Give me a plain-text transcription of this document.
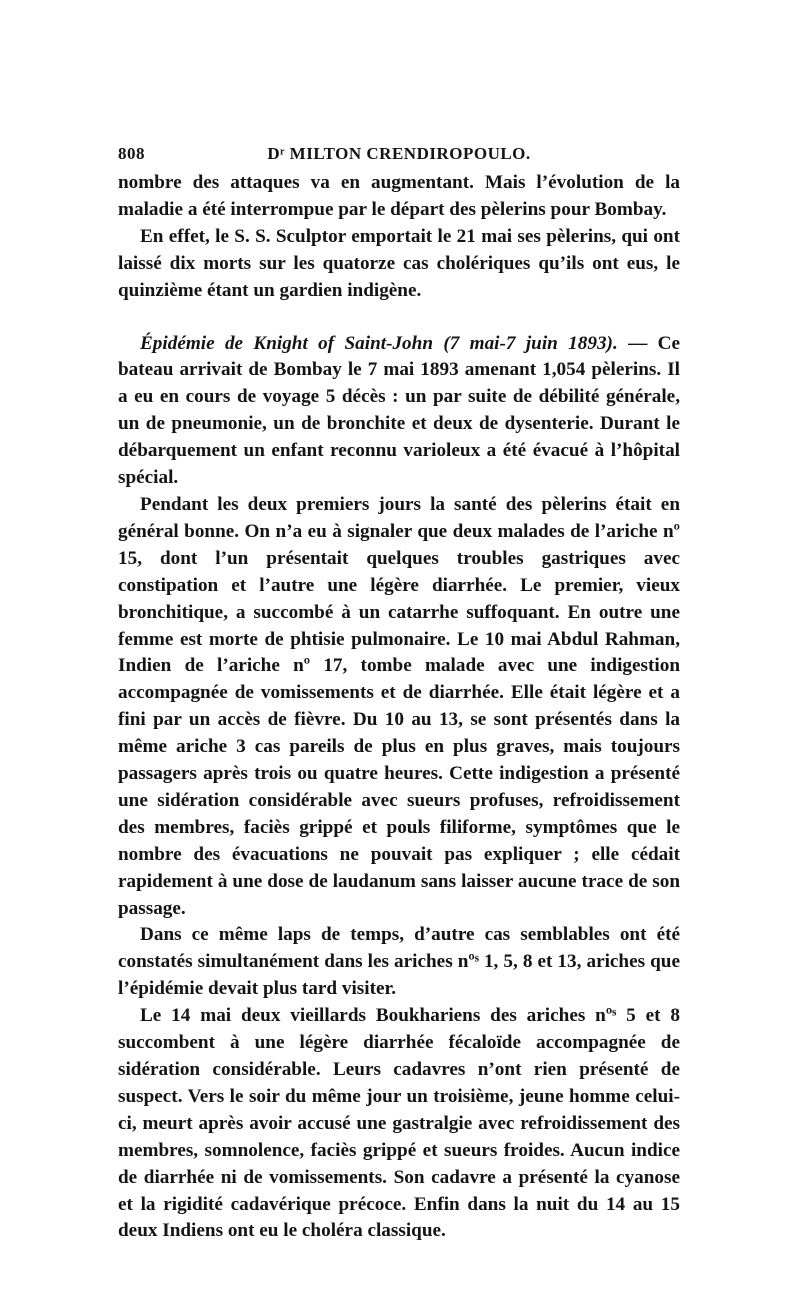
808	Dʳ MILTON CRENDIROPOULO.

nombre des attaques va en augmentant. Mais l’évolution de la maladie a été interrompue par le départ des pèlerins pour Bombay.

En effet, le S. S. Sculptor emportait le 21 mai ses pèlerins, qui ont laissé dix morts sur les quatorze cas cholériques qu’ils ont eus, le quinzième étant un gardien indigène.

Épidémie de Knight of Saint-John (7 mai-7 juin 1893). — Ce bateau arrivait de Bombay le 7 mai 1893 amenant 1,054 pèlerins. Il a eu en cours de voyage 5 décès : un par suite de débilité générale, un de pneumonie, un de bronchite et deux de dysenterie. Durant le débarquement un enfant reconnu varioleux a été évacué à l’hôpital spécial.

Pendant les deux premiers jours la santé des pèlerins était en général bonne. On n’a eu à signaler que deux malades de l’ariche nº 15, dont l’un présentait quelques troubles gastriques avec constipation et l’autre une légère diarrhée. Le premier, vieux bronchitique, a succombé à un catarrhe suffoquant. En outre une femme est morte de phtisie pulmonaire. Le 10 mai Abdul Rahman, Indien de l’ariche nº 17, tombe malade avec une indigestion accompagnée de vomissements et de diarrhée. Elle était légère et a fini par un accès de fièvre. Du 10 au 13, se sont présentés dans la même ariche 3 cas pareils de plus en plus graves, mais toujours passagers après trois ou quatre heures. Cette indigestion a présenté une sidération considérable avec sueurs profuses, refroidissement des membres, faciès grippé et pouls filiforme, symptômes que le nombre des évacuations ne pouvait pas expliquer ; elle cédait rapidement à une dose de laudanum sans laisser aucune trace de son passage.

Dans ce même laps de temps, d’autre cas semblables ont été constatés simultanément dans les ariches nºˢ 1, 5, 8 et 13, ariches que l’épidémie devait plus tard visiter.

Le 14 mai deux vieillards Boukhariens des ariches nºˢ 5 et 8 succombent à une légère diarrhée fécaloïde accompagnée de sidération considérable. Leurs cadavres n’ont rien présenté de suspect. Vers le soir du même jour un troisième, jeune homme celui-ci, meurt après avoir accusé une gastralgie avec refroidissement des membres, somnolence, faciès grippé et sueurs froides. Aucun indice de diarrhée ni de vomissements. Son cadavre a présenté la cyanose et la rigidité cadavérique précoce. Enfin dans la nuit du 14 au 15 deux Indiens ont eu le choléra classique.
